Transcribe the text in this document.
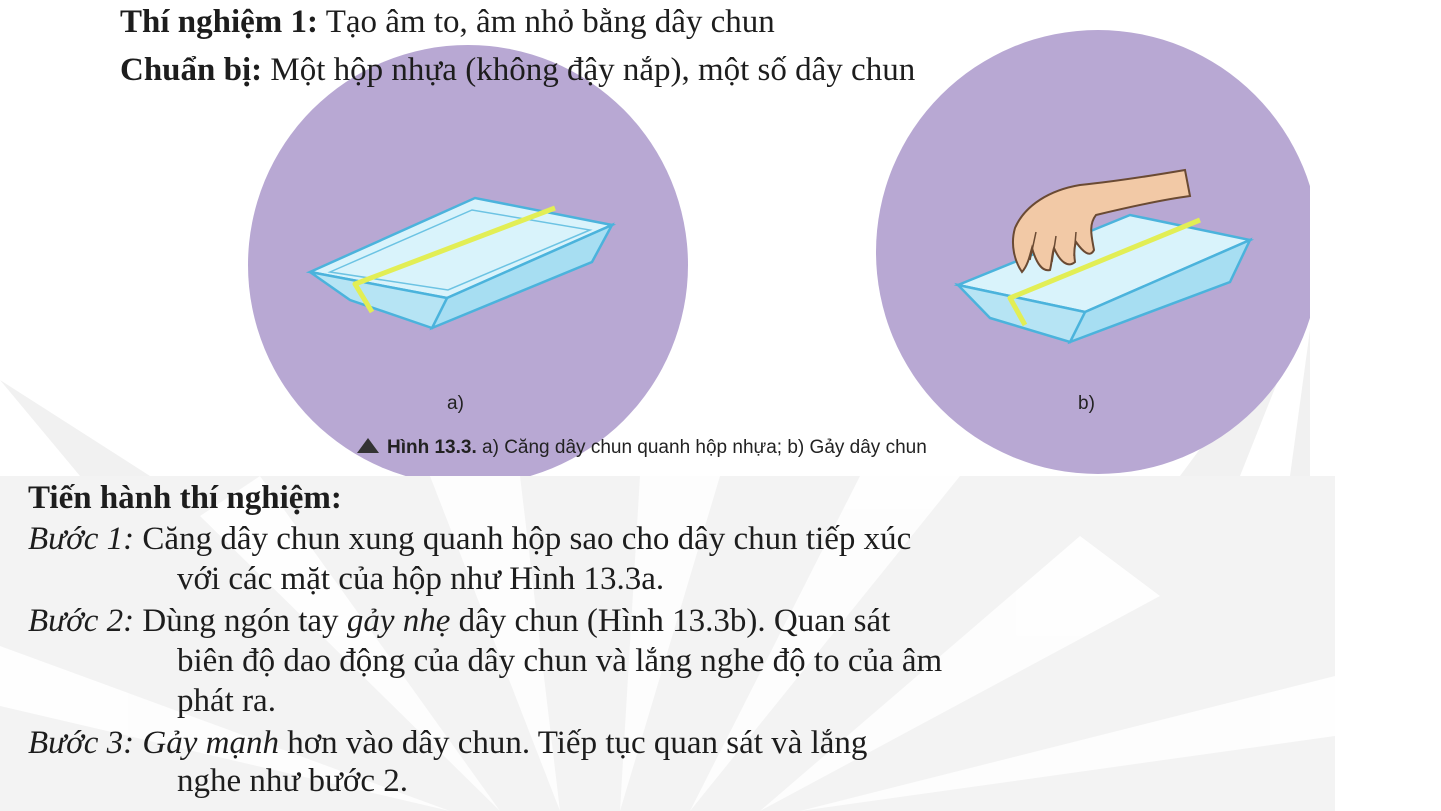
Thí nghiệm 1: Tạo âm to, âm nhỏ bằng dây chun
Chuẩn bị: Một hộp nhựa (không đậy nắp), một số dây chun
a)	b)
Hình 13.3. a) Căng dây chun quanh hộp nhựa; b) Gảy dây chun
Tiến hành thí nghiệm:
Bước 1: Căng dây chun xung quanh hộp sao cho dây chun tiếp xúc
với các mặt của hộp như Hình 13.3a.
Bước 2: Dùng ngón tay gảy nhẹ dây chun (Hình 13.3b). Quan sát
biên độ dao động của dây chun và lắng nghe độ to của âm
phát ra.
Bước 3: Gảy mạnh hơn vào dây chun. Tiếp tục quan sát và lắng
nghe như bước 2.
